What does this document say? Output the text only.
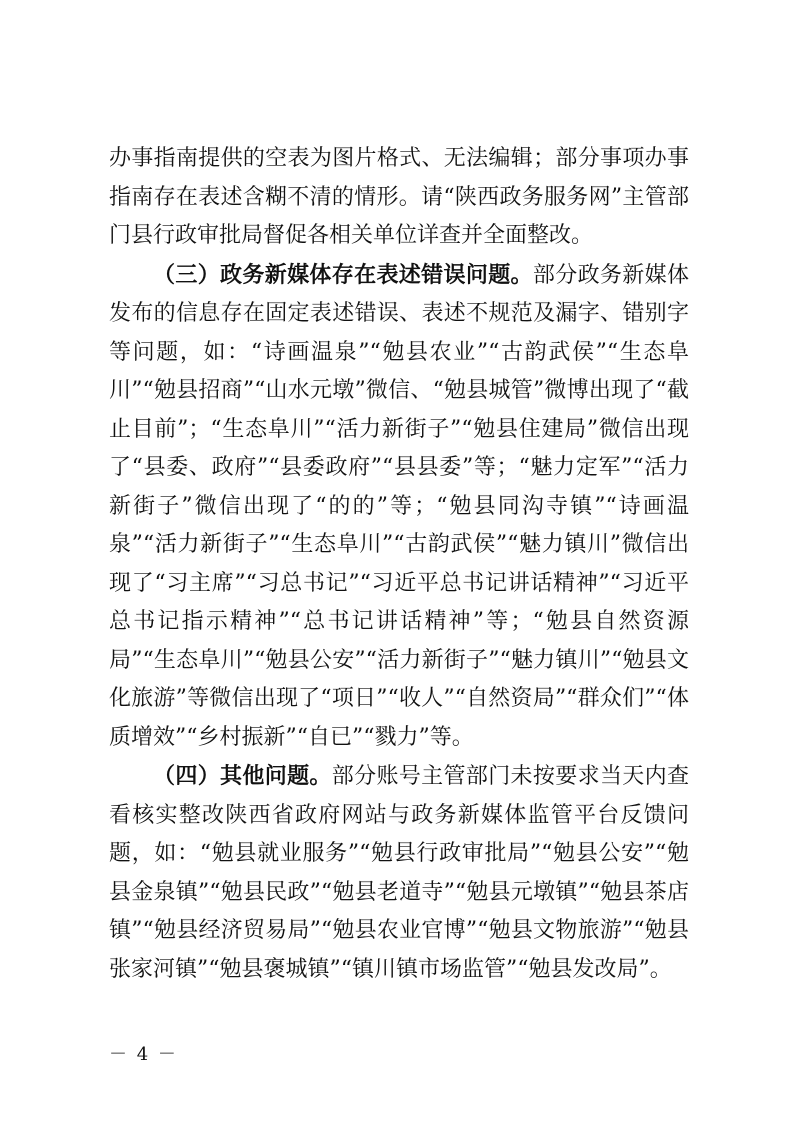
办事指南提供的空表为图片格式、无法编辑；部分事项办事指南存在表述含糊不清的情形。请“陕西政务服务网”主管部门县行政审批局督促各相关单位详查并全面整改。

（三）政务新媒体存在表述错误问题。部分政务新媒体发布的信息存在固定表述错误、表述不规范及漏字、错别字等问题，如：“诗画温泉”“勉县农业”“古韵武侯”“生态阜川”“勉县招商”“山水元墩”微信、“勉县城管”微博出现了“截止目前”；“生态阜川”“活力新街子”“勉县住建局”微信出现了“县委、政府”“县委政府”“县县委”等；“魅力定军”“活力新街子”微信出现了“的的”等；“勉县同沟寺镇”“诗画温泉”“活力新街子”“生态阜川”“古韵武侯”“魅力镇川”微信出现了“习主席”“习总书记”“习近平总书记讲话精神”“习近平总书记指示精神”“总书记讲话精神”等；“勉县自然资源局”“生态阜川”“勉县公安”“活力新街子”“魅力镇川”“勉县文化旅游”等微信出现了“项日”“收人”“自然资局”“群众们”“体质增效”“乡村振新”“自已”“戮力”等。

（四）其他问题。部分账号主管部门未按要求当天内查看核实整改陕西省政府网站与政务新媒体监管平台反馈问题，如：“勉县就业服务”“勉县行政审批局”“勉县公安”“勉县金泉镇”“勉县民政”“勉县老道寺”“勉县元墩镇”“勉县茶店镇”“勉县经济贸易局”“勉县农业官博”“勉县文物旅游”“勉县张家河镇”“勉县褒城镇”“镇川镇市场监管”“勉县发改局”。

－ 4 －
